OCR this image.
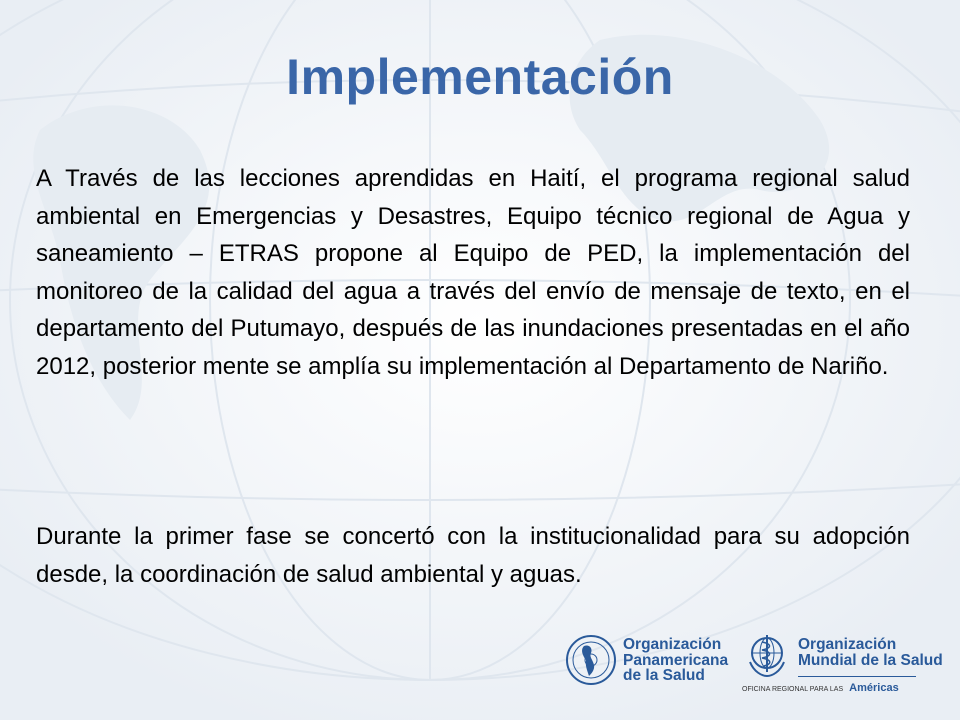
Implementación
A Través de las lecciones aprendidas en Haití, el programa regional salud ambiental en Emergencias y Desastres, Equipo técnico regional de Agua y saneamiento – ETRAS propone al Equipo de PED, la implementación del monitoreo de la calidad del agua a través del envío de mensaje de texto, en el departamento del Putumayo, después de las inundaciones presentadas en el año 2012, posterior mente se amplía su implementación al Departamento de Nariño.
Durante la primer fase se concertó con la institucionalidad para su adopción desde, la coordinación de salud ambiental y aguas.
Organización
Panamericana
de la Salud
Organización
Mundial de la Salud
OFICINA REGIONAL PARA LAS Américas
